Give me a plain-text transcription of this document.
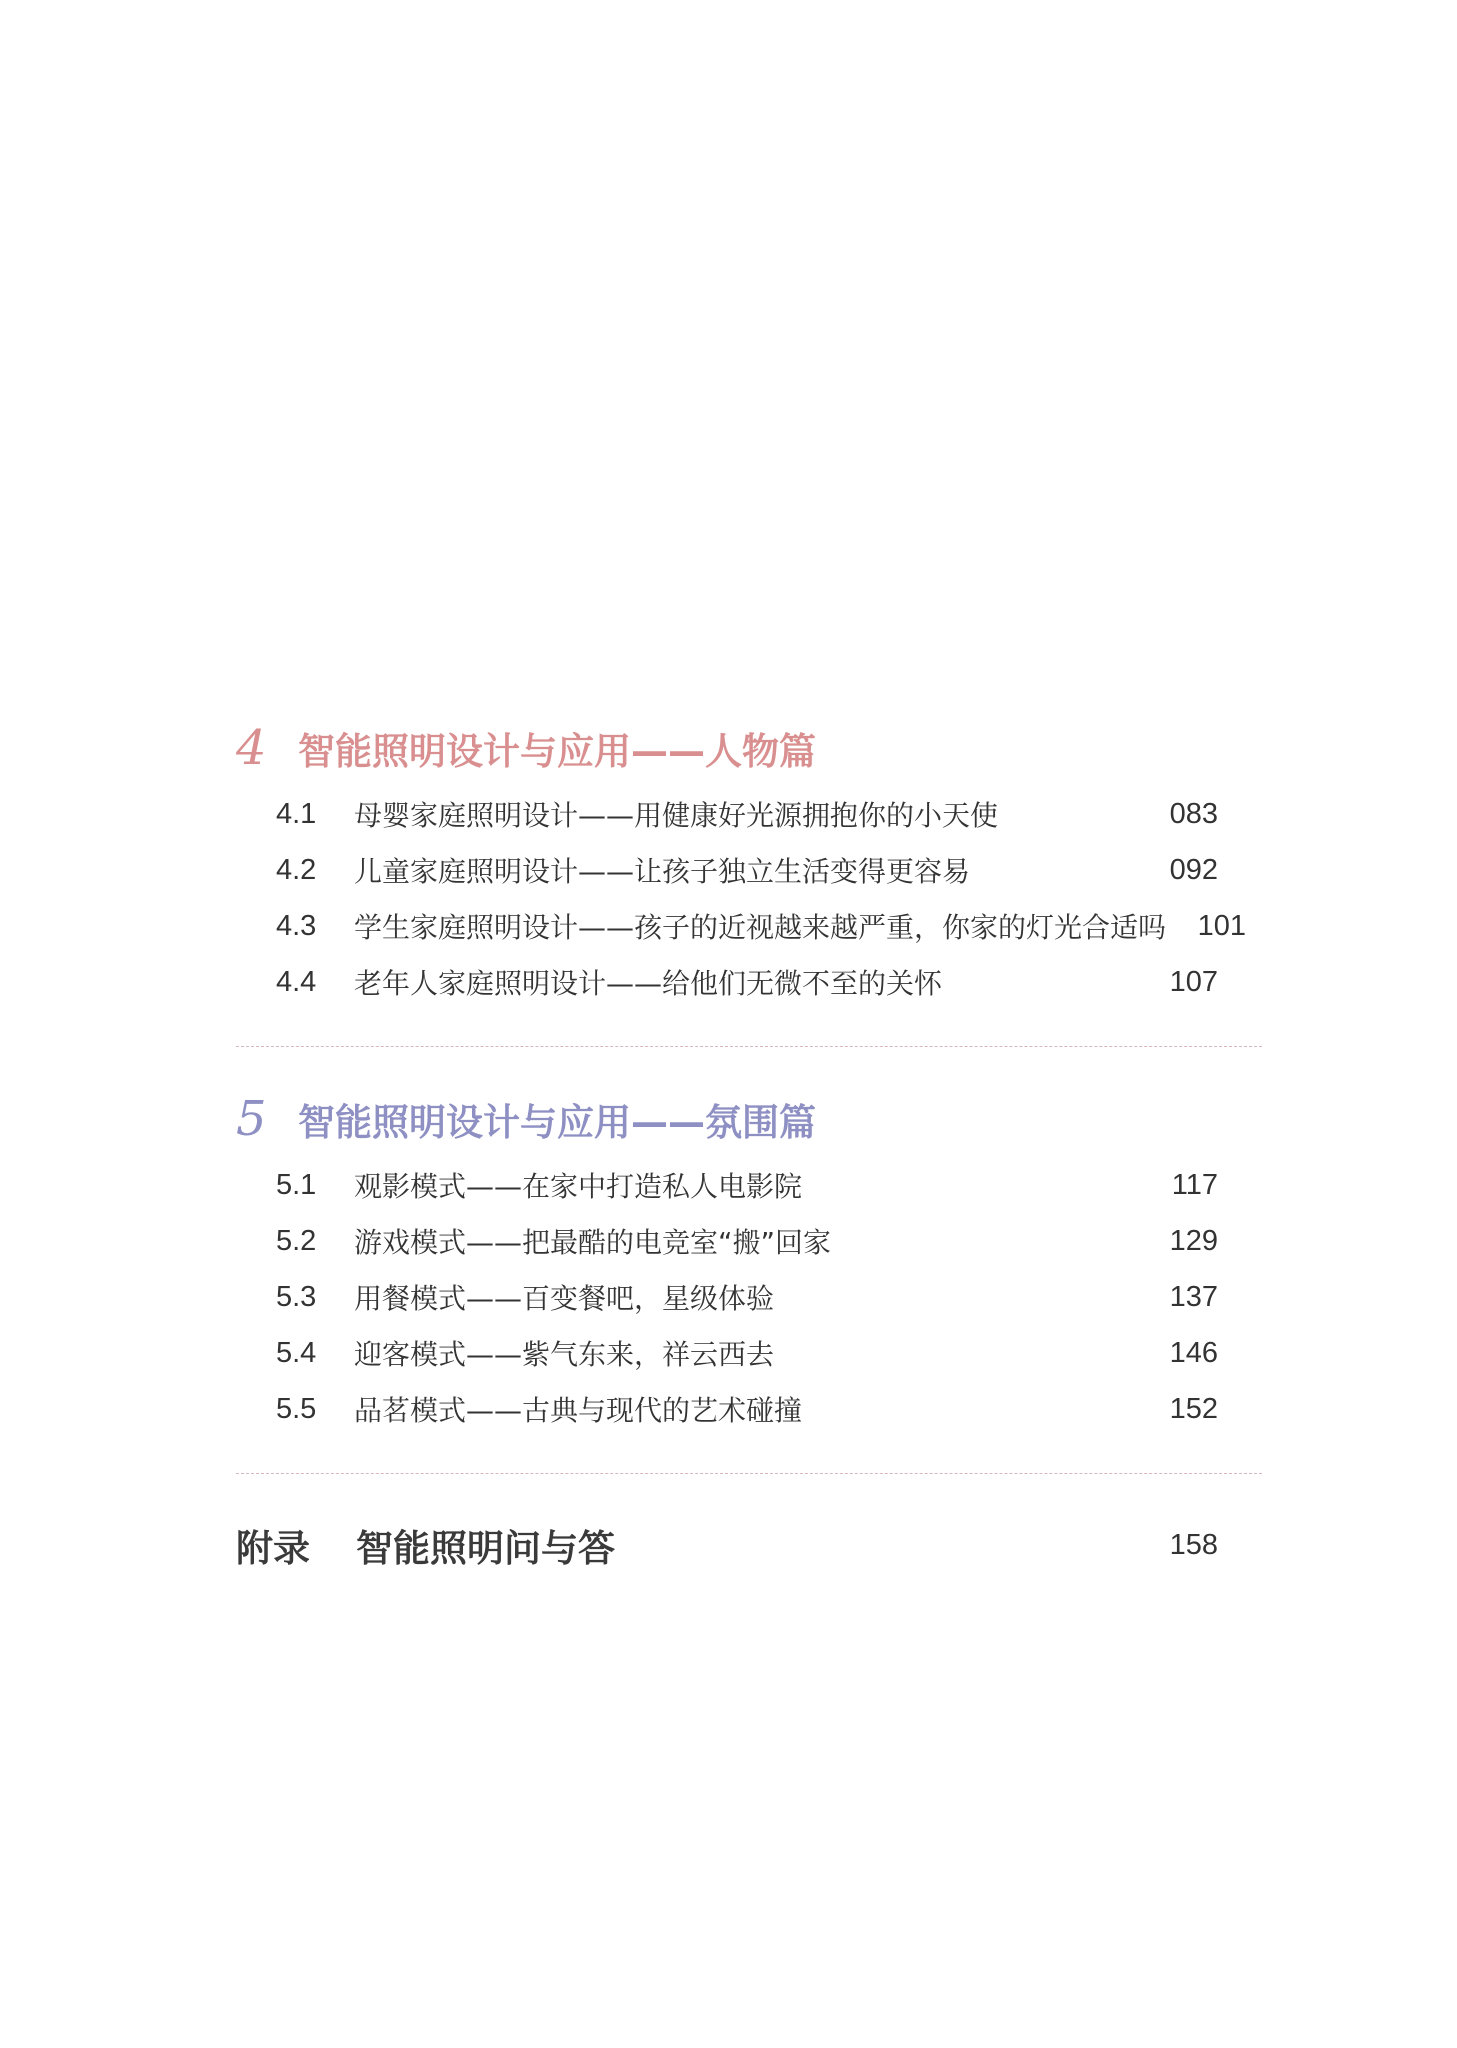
4 智能照明设计与应用——人物篇
4.1	母婴家庭照明设计——用健康好光源拥抱你的小天使	083
4.2	儿童家庭照明设计——让孩子独立生活变得更容易	092
4.3	学生家庭照明设计——孩子的近视越来越严重，你家的灯光合适吗	101
4.4	老年人家庭照明设计——给他们无微不至的关怀	107
5 智能照明设计与应用——氛围篇
5.1	观影模式——在家中打造私人电影院	117
5.2	游戏模式——把最酷的电竞室“搬”回家	129
5.3	用餐模式——百变餐吧，星级体验	137
5.4	迎客模式——紫气东来，祥云西去	146
5.5	品茗模式——古典与现代的艺术碰撞	152
附录	智能照明问与答	158
